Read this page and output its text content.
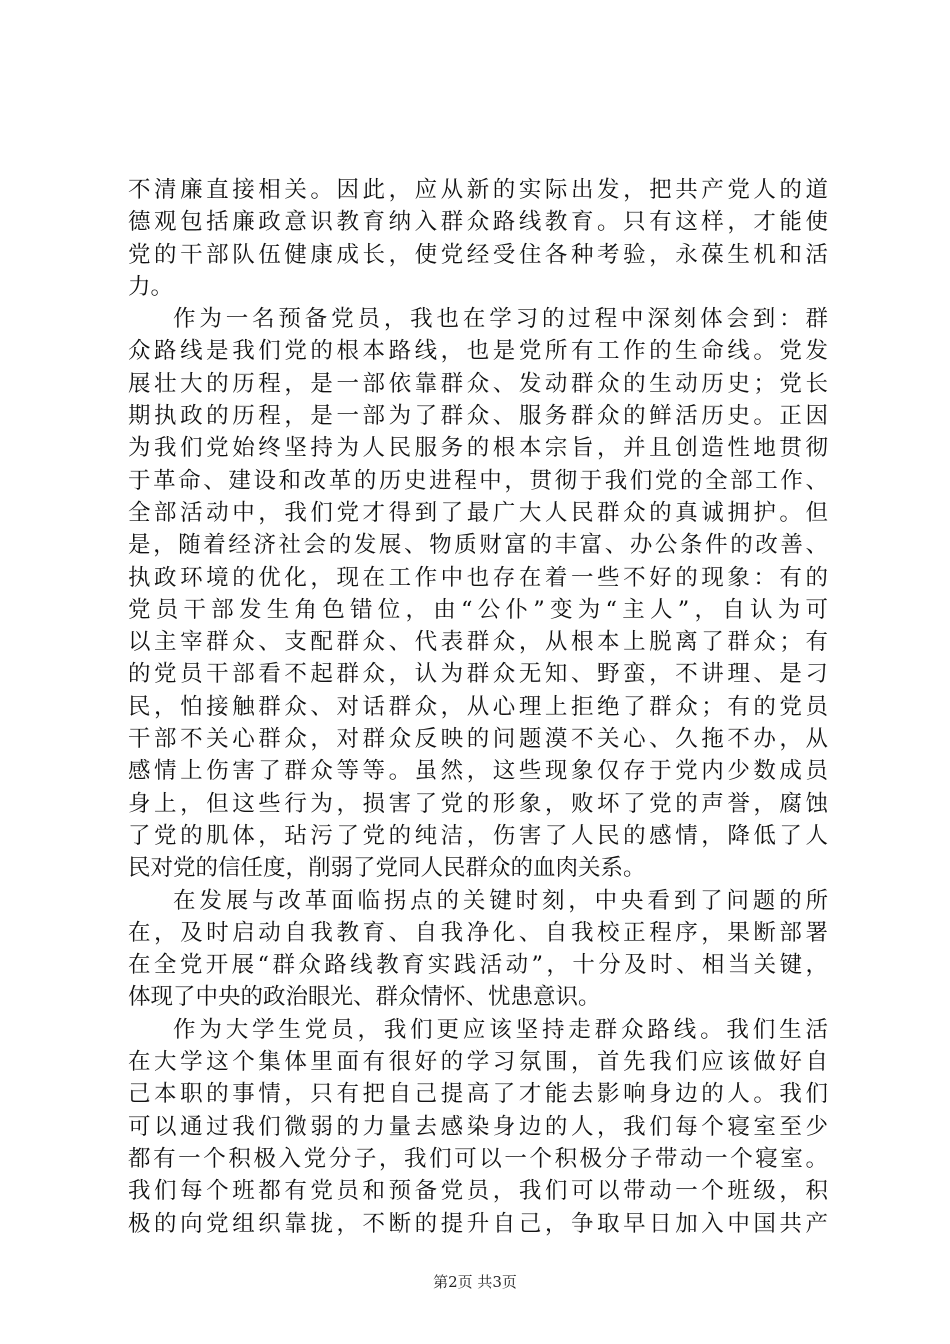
不清廉直接相关。因此，应从新的实际出发，把共产党人的道
德观包括廉政意识教育纳入群众路线教育。只有这样，才能使
党的干部队伍健康成长，使党经受住各种考验，永葆生机和活
力。
作为一名预备党员，我也在学习的过程中深刻体会到：群
众路线是我们党的根本路线，也是党所有工作的生命线。党发
展壮大的历程，是一部依靠群众、发动群众的生动历史；党长
期执政的历程，是一部为了群众、服务群众的鲜活历史。正因
为我们党始终坚持为人民服务的根本宗旨，并且创造性地贯彻
于革命、建设和改革的历史进程中，贯彻于我们党的全部工作、
全部活动中，我们党才得到了最广大人民群众的真诚拥护。但
是，随着经济社会的发展、物质财富的丰富、办公条件的改善、
执政环境的优化，现在工作中也存在着一些不好的现象：有的
党员干部发生角色错位，由“公仆”变为“主人”，自认为可
以主宰群众、支配群众、代表群众，从根本上脱离了群众；有
的党员干部看不起群众，认为群众无知、野蛮，不讲理、是刁
民，怕接触群众、对话群众，从心理上拒绝了群众；有的党员
干部不关心群众，对群众反映的问题漠不关心、久拖不办，从
感情上伤害了群众等等。虽然，这些现象仅存于党内少数成员
身上，但这些行为，损害了党的形象，败坏了党的声誉，腐蚀
了党的肌体，玷污了党的纯洁，伤害了人民的感情，降低了人
民对党的信任度，削弱了党同人民群众的血肉关系。
在发展与改革面临拐点的关键时刻，中央看到了问题的所
在，及时启动自我教育、自我净化、自我校正程序，果断部署
在全党开展“群众路线教育实践活动”，十分及时、相当关键，
体现了中央的政治眼光、群众情怀、忧患意识。
作为大学生党员，我们更应该坚持走群众路线。我们生活
在大学这个集体里面有很好的学习氛围，首先我们应该做好自
己本职的事情，只有把自己提高了才能去影响身边的人。我们
可以通过我们微弱的力量去感染身边的人，我们每个寝室至少
都有一个积极入党分子，我们可以一个积极分子带动一个寝室。
我们每个班都有党员和预备党员，我们可以带动一个班级，积
极的向党组织靠拢，不断的提升自己，争取早日加入中国共产
第2页 共3页
